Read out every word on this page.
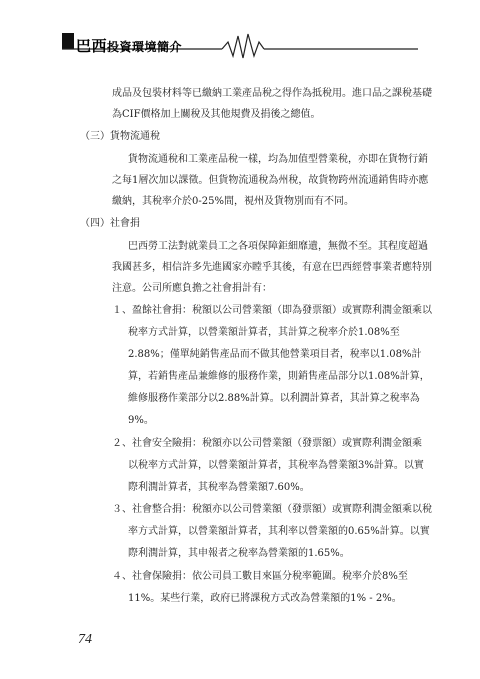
巴西投資環境簡介
成品及包裝材料等已繳納工業產品稅之得作為抵稅用。進口品之課稅基礎
為CIF價格加上關稅及其他規費及捐後之總值。
（三）貨物流通稅
貨物流通稅和工業產品稅一樣，均為加值型營業稅，亦即在貨物行銷
之每1層次加以課徵。但貨物流通稅為州稅，故貨物跨州流通銷售時亦應
繳納，其稅率介於0-25%間，視州及貨物別而有不同。
（四）社會捐
巴西勞工法對就業員工之各項保障鉅細靡遺，無微不至。其程度超過
我國甚多，相信許多先進國家亦瞠乎其後，有意在巴西經營事業者應特別
注意。公司所應負擔之社會捐計有：
１、盈餘社會捐：稅額以公司營業額（即為發票額）或實際利潤金額乘以
稅率方式計算，以營業額計算者，其計算之稅率介於1.08%至
2.88%；僅單純銷售產品而不做其他營業項目者，稅率以1.08%計
算，若銷售產品兼維修的服務作業，則銷售產品部分以1.08%計算，
維修服務作業部分以2.88%計算。以利潤計算者，其計算之稅率為
9%。
２、社會安全險捐：稅額亦以公司營業額（發票額）或實際利潤金額乘
以稅率方式計算，以營業額計算者，其稅率為營業額3%計算。以實
際利潤計算者，其稅率為營業額7.60%。
３、社會整合捐：稅額亦以公司營業額（發票額）或實際利潤金額乘以稅
率方式計算，以營業額計算者，其利率以營業額的0.65%計算。以實
際利潤計算，其申報者之稅率為營業額的1.65%。
４、社會保險捐：依公司員工數目來區分稅率範圍。稅率介於8%至
11%。某些行業，政府已將課稅方式改為營業額的1% - 2%。
74
